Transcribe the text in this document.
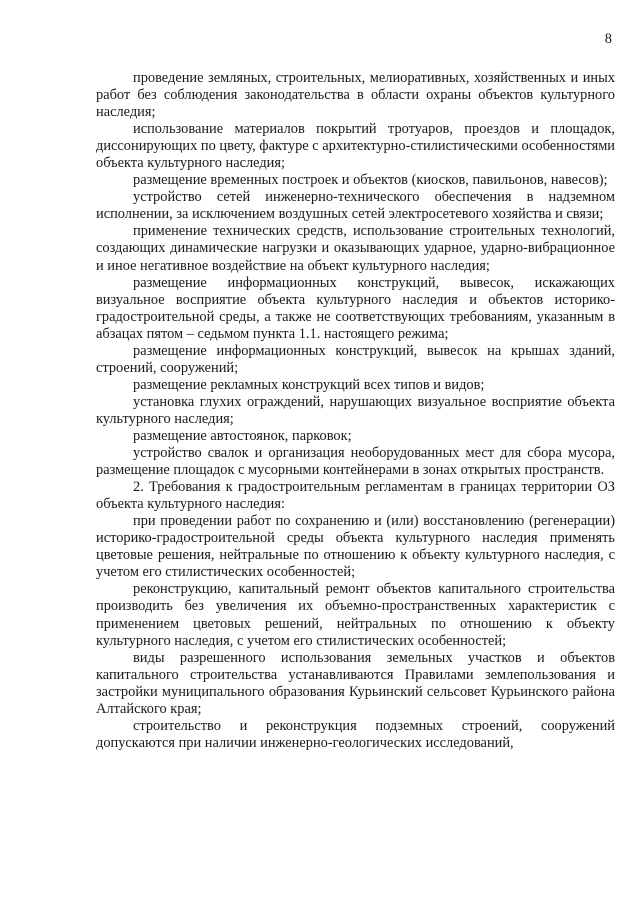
8

проведение земляных, строительных, мелиоративных, хозяйственных и иных работ без соблюдения законодательства в области охраны объектов культурного наследия;

использование материалов покрытий тротуаров, проездов и площадок, диссонирующих по цвету, фактуре с архитектурно-стилистическими особенностями объекта культурного наследия;

размещение временных построек и объектов (киосков, павильонов, навесов);

устройство сетей инженерно-технического обеспечения в надземном исполнении, за исключением воздушных сетей электросетевого хозяйства и связи;

применение технических средств, использование строительных технологий, создающих динамические нагрузки и оказывающих ударное, ударно-вибрационное и иное негативное воздействие на объект культурного наследия;

размещение информационных конструкций, вывесок, искажающих визуальное восприятие объекта культурного наследия и объектов историко-градостроительной среды, а также не соответствующих требованиям, указанным в абзацах пятом – седьмом пункта 1.1. настоящего режима;

размещение информационных конструкций, вывесок на крышах зданий, строений, сооружений;

размещение рекламных конструкций всех типов и видов;

установка глухих ограждений, нарушающих визуальное восприятие объекта культурного наследия;

размещение автостоянок, парковок;

устройство свалок и организация необорудованных мест для сбора мусора, размещение площадок с мусорными контейнерами в зонах открытых пространств.

2. Требования к градостроительным регламентам в границах территории ОЗ объекта культурного наследия:

при проведении работ по сохранению и (или) восстановлению (регенерации) историко-градостроительной среды объекта культурного наследия применять цветовые решения, нейтральные по отношению к объекту культурного наследия, с учетом его стилистических особенностей;

реконструкцию, капитальный ремонт объектов капитального строительства производить без увеличения их объемно-пространственных характеристик с применением цветовых решений, нейтральных по отношению к объекту культурного наследия, с учетом его стилистических особенностей;

виды разрешенного использования земельных участков и объектов капитального строительства устанавливаются Правилами землепользования и застройки муниципального образования Курьинский сельсовет Курьинского района Алтайского края;

строительство и реконструкция подземных строений, сооружений допускаются при наличии инженерно-геологических исследований,
